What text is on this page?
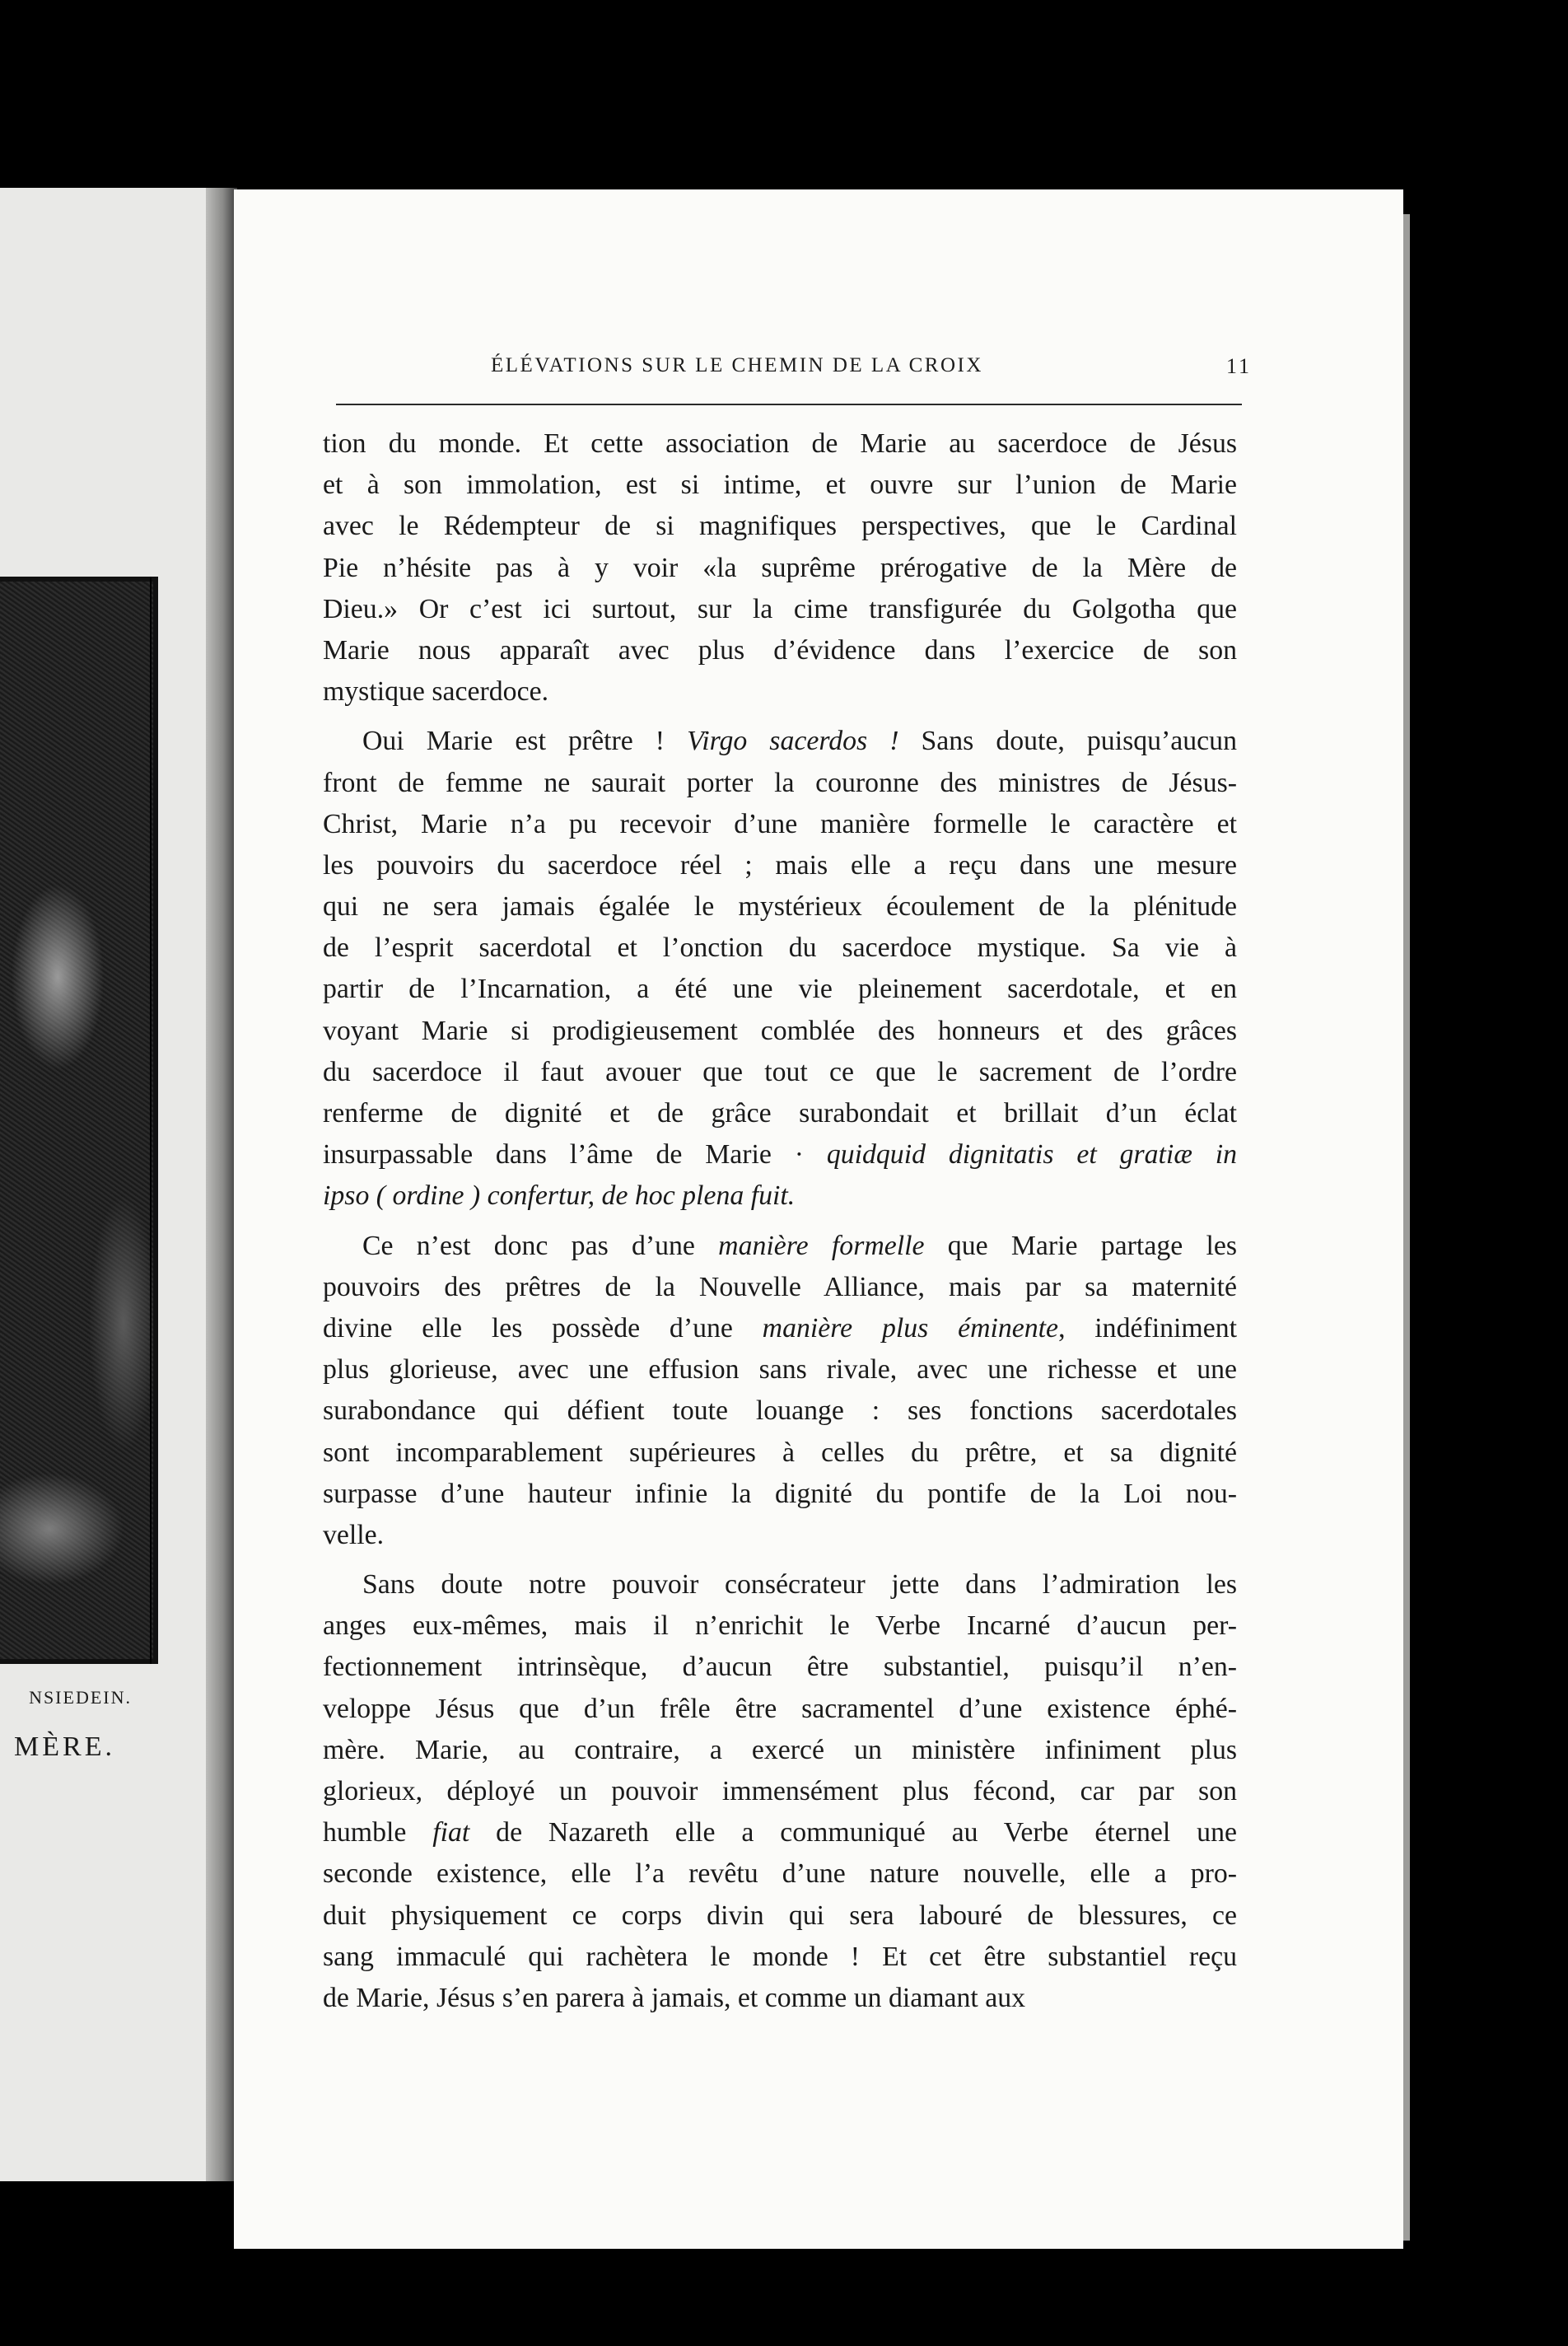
NSIEDEIN.
MÈRE.
ÉLÉVATIONS SUR LE CHEMIN DE LA CROIX	11
tion du monde. Et cette association de Marie au sacerdoce de Jésus
et à son immolation, est si intime, et ouvre sur l’union de Marie
avec le Rédempteur de si magnifiques perspectives, que le Cardinal
Pie n’hésite pas à y voir «la suprême prérogative de la Mère de
Dieu.» Or c’est ici surtout, sur la cime transfigurée du Golgotha que
Marie nous apparaît avec plus d’évidence dans l’exercice de son
mystique sacerdoce.
Oui Marie est prêtre ! Virgo sacerdos ! Sans doute, puisqu’aucun
front de femme ne saurait porter la couronne des ministres de Jésus-
Christ, Marie n’a pu recevoir d’une manière formelle le caractère et
les pouvoirs du sacerdoce réel ; mais elle a reçu dans une mesure
qui ne sera jamais égalée le mystérieux écoulement de la plénitude
de l’esprit sacerdotal et l’onction du sacerdoce mystique. Sa vie à
partir de l’Incarnation, a été une vie pleinement sacerdotale, et en
voyant Marie si prodigieusement comblée des honneurs et des grâces
du sacerdoce il faut avouer que tout ce que le sacrement de l’ordre
renferme de dignité et de grâce surabondait et brillait d’un éclat
insurpassable dans l’âme de Marie · quidquid dignitatis et gratiæ in
ipso ( ordine ) confertur, de hoc plena fuit.
Ce n’est donc pas d’une manière formelle que Marie partage les
pouvoirs des prêtres de la Nouvelle Alliance, mais par sa maternité
divine elle les possède d’une manière plus éminente, indéfiniment
plus glorieuse, avec une effusion sans rivale, avec une richesse et une
surabondance qui défient toute louange : ses fonctions sacerdotales
sont incomparablement supérieures à celles du prêtre, et sa dignité
surpasse d’une hauteur infinie la dignité du pontife de la Loi nou-
velle.
Sans doute notre pouvoir consécrateur jette dans l’admiration les
anges eux-mêmes, mais il n’enrichit le Verbe Incarné d’aucun per-
fectionnement intrinsèque, d’aucun être substantiel, puisqu’il n’en-
veloppe Jésus que d’un frêle être sacramentel d’une existence éphé-
mère. Marie, au contraire, a exercé un ministère infiniment plus
glorieux, déployé un pouvoir immensément plus fécond, car par son
humble fiat de Nazareth elle a communiqué au Verbe éternel une
seconde existence, elle l’a revêtu d’une nature nouvelle, elle a pro-
duit physiquement ce corps divin qui sera labouré de blessures, ce
sang immaculé qui rachètera le monde ! Et cet être substantiel reçu
de Marie, Jésus s’en parera à jamais, et comme un diamant aux
